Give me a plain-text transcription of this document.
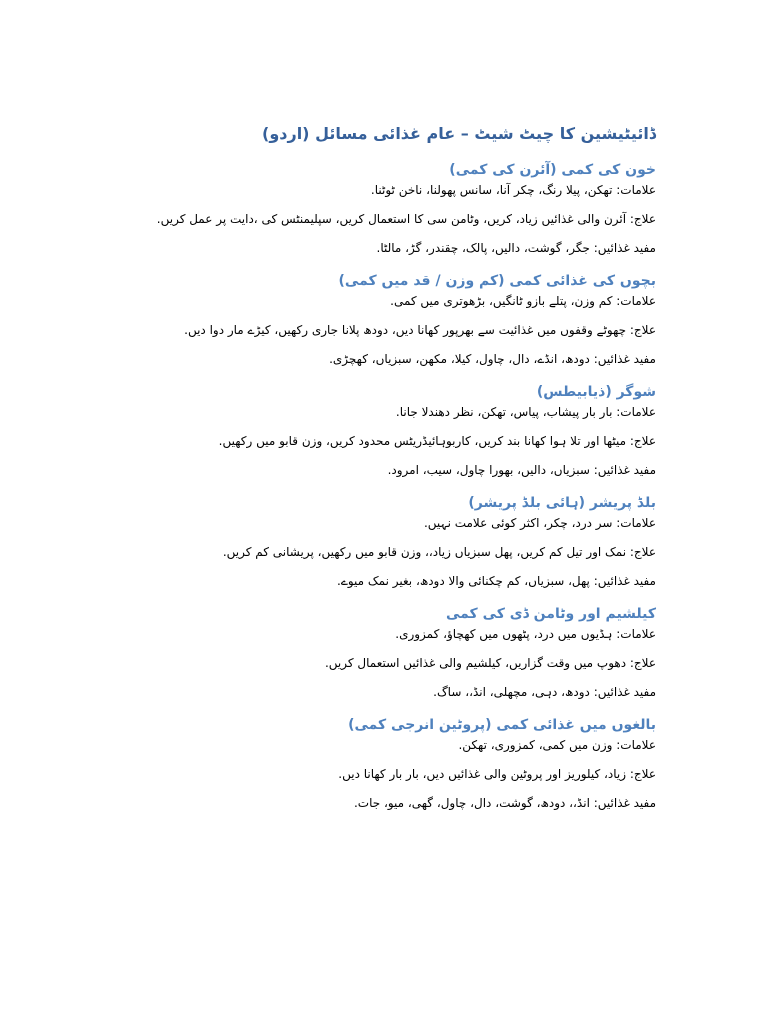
ڈائیٹیشین کا چیٹ شیٹ – عام غذائی مسائل (اردو)
خون کی کمی (آئرن کی کمی)

علامات: تھکن، پیلا رنگ، چکر آنا، سانس پھولنا، ناخن ٹوٹنا.

علاج: آئرن والی غذائیں زیاد، کریں، وٹامن سی کا استعمال کریں، سپلیمنٹس کی ،دایت پر عمل کریں.

مفید غذائیں: جگر، گوشت، دالیں، پالک، چقندر، گڑ، مالٹا.

بچوں کی غذائی کمی (کم وزن / قد میں کمی)

علامات: کم وزن، پتلے بازو ٹانگیں، بڑھوتری میں کمی.

علاج: چھوٹے وقفوں میں غذائیت سے بھرپور کھانا دیں، دودھ پلانا جاری رکھیں، کیڑے مار دوا دیں.

مفید غذائیں: دودھ، انڈے، دال، چاول، کیلا، مکھن، سبزیاں، کھچڑی.

شوگر (ذیابیطس)

علامات: بار بار پیشاب، پیاس، تھکن، نظر دھندلا جانا.

علاج: میٹھا اور تلا ہوا کھانا بند کریں، کاربوہائیڈریٹس محدود کریں، وزن قابو میں رکھیں.

مفید غذائیں: سبزیاں، دالیں، بھورا چاول، سیب، امرود.

بلڈ پریشر (ہائی بلڈ پریشر)

علامات: سر درد، چکر، اکثر کوئی علامت نہیں.

علاج: نمک اور تیل کم کریں، پھل سبزیاں زیاد،، وزن قابو میں رکھیں، پریشانی کم کریں.

مفید غذائیں: پھل، سبزیاں، کم چکنائی والا دودھ، بغیر نمک میوے.

کیلشیم اور وٹامن ڈی کی کمی

علامات: ہڈیوں میں درد، پٹھوں میں کھچاؤ، کمزوری.

علاج: دھوپ میں وقت گزاریں، کیلشیم والی غذائیں استعمال کریں.

مفید غذائیں: دودھ، دہی، مچھلی، انڈ،، ساگ.

بالغوں میں غذائی کمی (پروٹین انرجی کمی)

علامات: وزن میں کمی، کمزوری، تھکن.

علاج: زیاد، کیلوریز اور پروٹین والی غذائیں دیں، بار بار کھانا دیں.

مفید غذائیں: انڈ،، دودھ، گوشت، دال، چاول، گھی، میو، جات.
